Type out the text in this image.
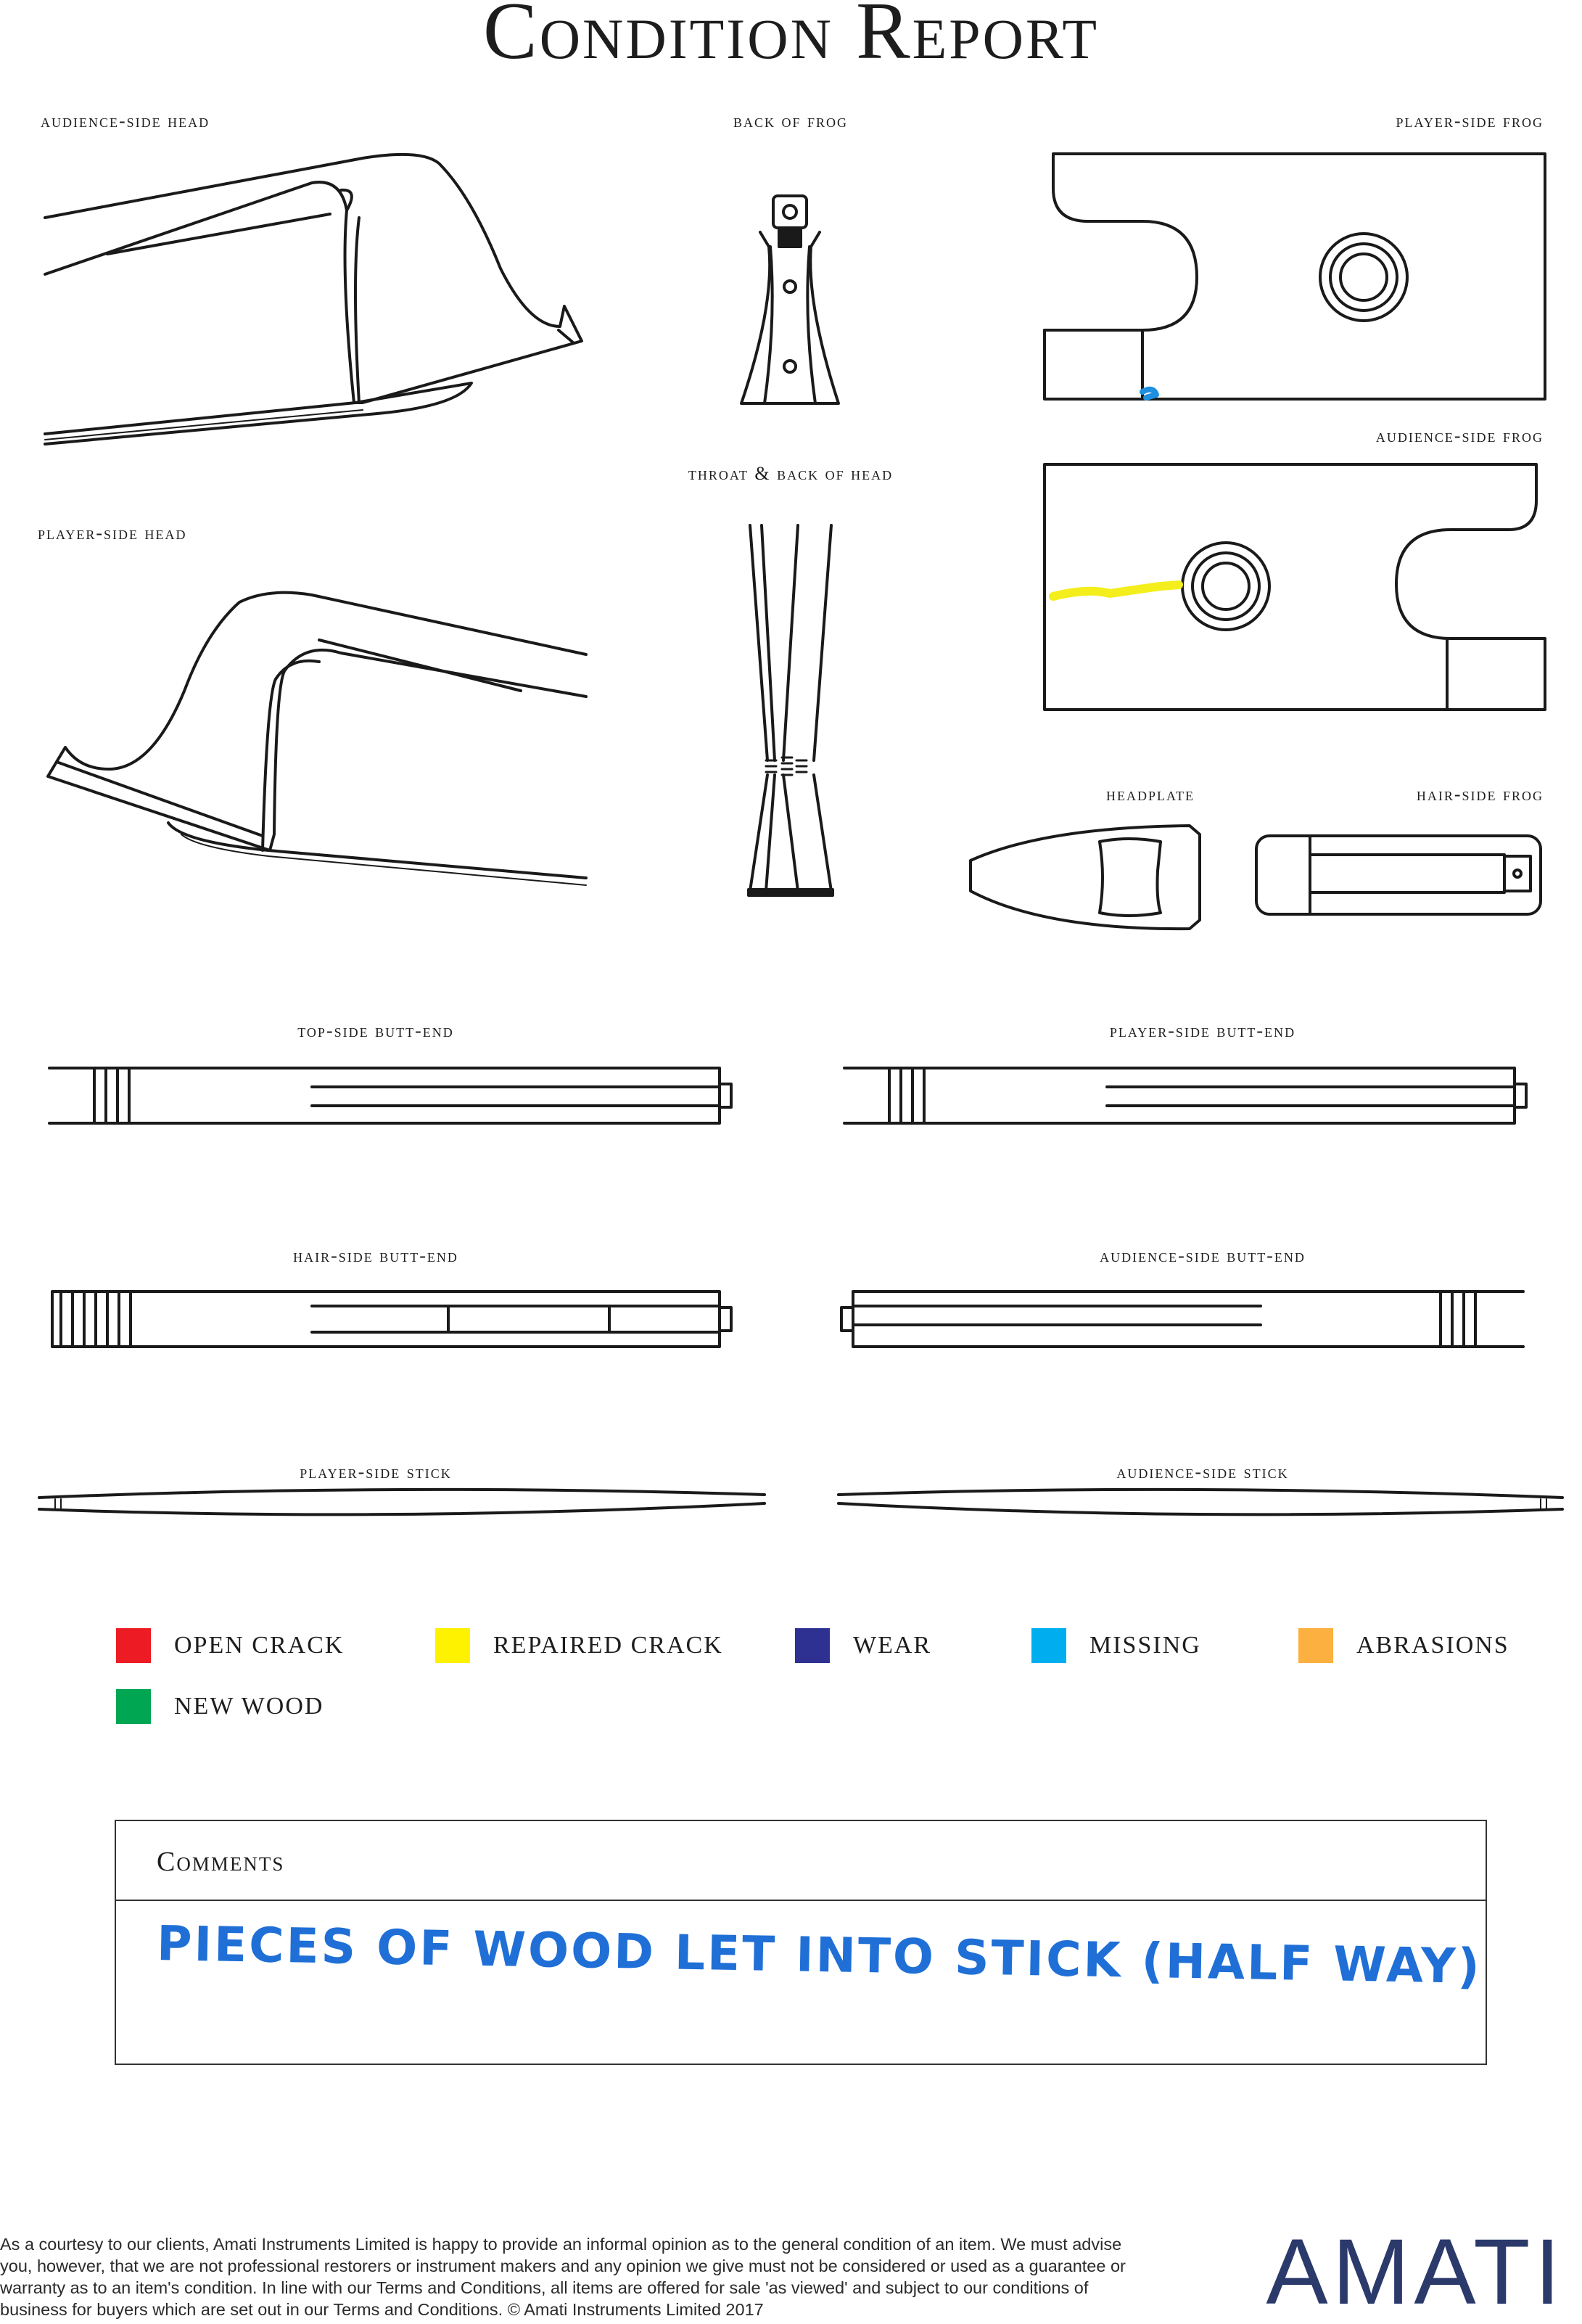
Condition Report
audience-side head	back of frog	player-side frog
audience-side frog
throat & back of head
player-side head
headplate	hair-side frog
top-side butt-end	player-side butt-end
hair-side butt-end	audience-side butt-end
player-side stick	audience-side stick
OPEN CRACK	REPAIRED CRACK	WEAR	MISSING	ABRASIONS
NEW WOOD
Comments
PIECES OF WOOD LET INTO STICK (HALF WAY)
As a courtesy to our clients, Amati Instruments Limited is happy to provide an informal opinion as to the general condition of an item. We must advise you, however, that we are not professional restorers or instrument makers and any opinion we give must not be considered or used as a guarantee or warranty as to an item's condition. In line with our Terms and Conditions, all items are offered for sale 'as viewed' and subject to our conditions of business for buyers which are set out in our Terms and Conditions. © Amati Instruments Limited 2017	AMATI
